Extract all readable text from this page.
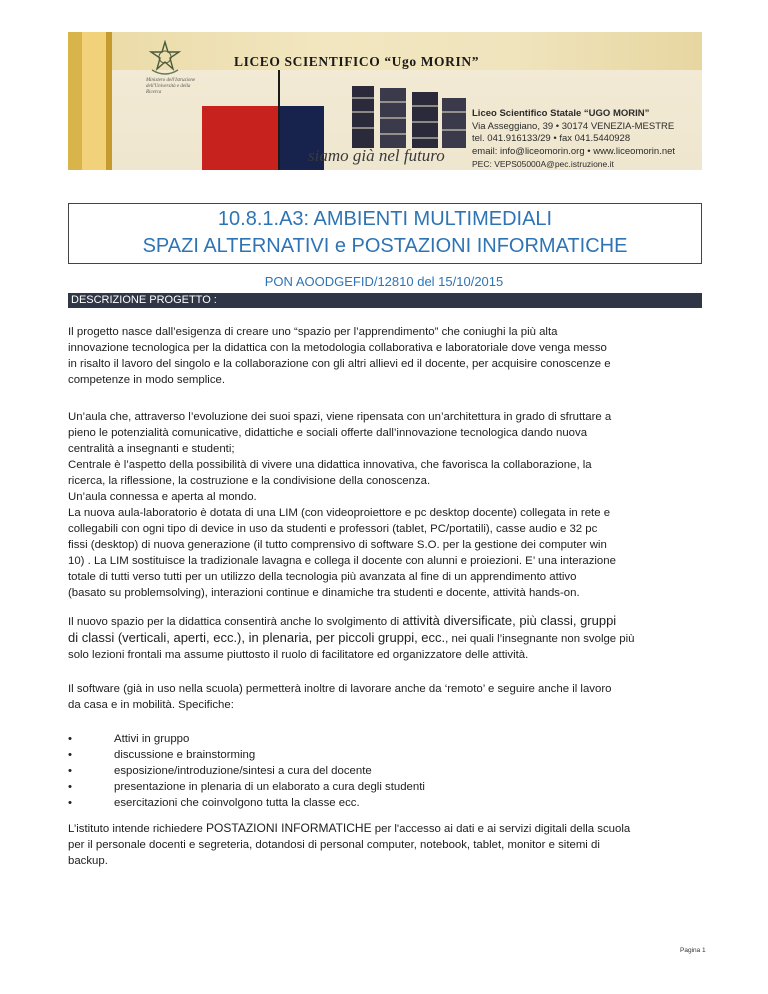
Ministero dell'Istruzione dell'Università e della Ricerca
LICEO SCIENTIFICO “Ugo MORIN”
siamo già nel futuro
Liceo Scientifico Statale “UGO MORIN”
Via Asseggiano, 39 • 30174 VENEZIA-MESTRE
tel. 041.916133/29 • fax 041.5440928
email: info@liceomorin.org • www.liceomorin.net
PEC: VEPS05000A@pec.istruzione.it
10.8.1.A3: AMBIENTI MULTIMEDIALI
SPAZI ALTERNATIVI e POSTAZIONI INFORMATICHE
PON AOODGEFID/12810 del 15/10/2015
DESCRIZIONE PROGETTO :
Il progetto nasce dall’esigenza di creare uno “spazio per l’apprendimento” che coniughi la più alta
innovazione tecnologica per la didattica con la metodologia collaborativa e laboratoriale dove venga messo
in risalto il lavoro del singolo e la collaborazione con gli altri allievi ed il docente, per acquisire conoscenze e
competenze in modo semplice.
Un’aula che, attraverso l’evoluzione dei suoi spazi, viene ripensata con un’architettura in grado di sfruttare a
pieno le potenzialità comunicative, didattiche e sociali offerte dall’innovazione tecnologica dando nuova
centralità a insegnanti e studenti;
Centrale è l’aspetto della possibilità di vivere una didattica innovativa, che favorisca la collaborazione, la
ricerca, la riflessione, la costruzione e la condivisione della conoscenza.
Un’aula connessa e aperta al mondo.
La nuova aula-laboratorio è dotata di una LIM (con videoproiettore e pc desktop docente) collegata in rete e
collegabili con ogni tipo di device in uso da studenti e professori (tablet, PC/portatili), casse audio e 32 pc
fissi (desktop) di nuova generazione (il tutto comprensivo di software S.O. per la gestione dei computer win
10) . La LIM sostituisce la tradizionale lavagna e collega il docente con alunni e proiezioni. E’ una interazione
totale di tutti verso tutti per un utilizzo della tecnologia più avanzata al fine di un apprendimento attivo
(basato su problemsolving), interazioni continue e dinamiche tra studenti e docente, attività hands-on.
Il nuovo spazio per la didattica consentirà anche lo svolgimento di attività diversificate, più classi, gruppi
di classi (verticali, aperti, ecc.), in plenaria, per piccoli gruppi, ecc., nei quali l’insegnante non svolge più
solo lezioni frontali ma assume piuttosto il ruolo di facilitatore ed organizzatore delle attività.
Il software (già in uso nella scuola) permetterà inoltre di lavorare anche da ‘remoto’ e seguire anche il lavoro
da casa e in mobilità. Specifiche:
•	Attivi in gruppo
•	discussione e brainstorming
•	esposizione/introduzione/sintesi a cura del docente
•	presentazione in plenaria di un elaborato a cura degli studenti
•	esercitazioni che coinvolgono tutta la classe ecc.
L’istituto intende richiedere POSTAZIONI INFORMATICHE per l'accesso ai dati e ai servizi digitali della scuola
per il personale docenti e segreteria, dotandosi di personal computer, notebook, tablet, monitor e sitemi di
backup.
Pagina 1
